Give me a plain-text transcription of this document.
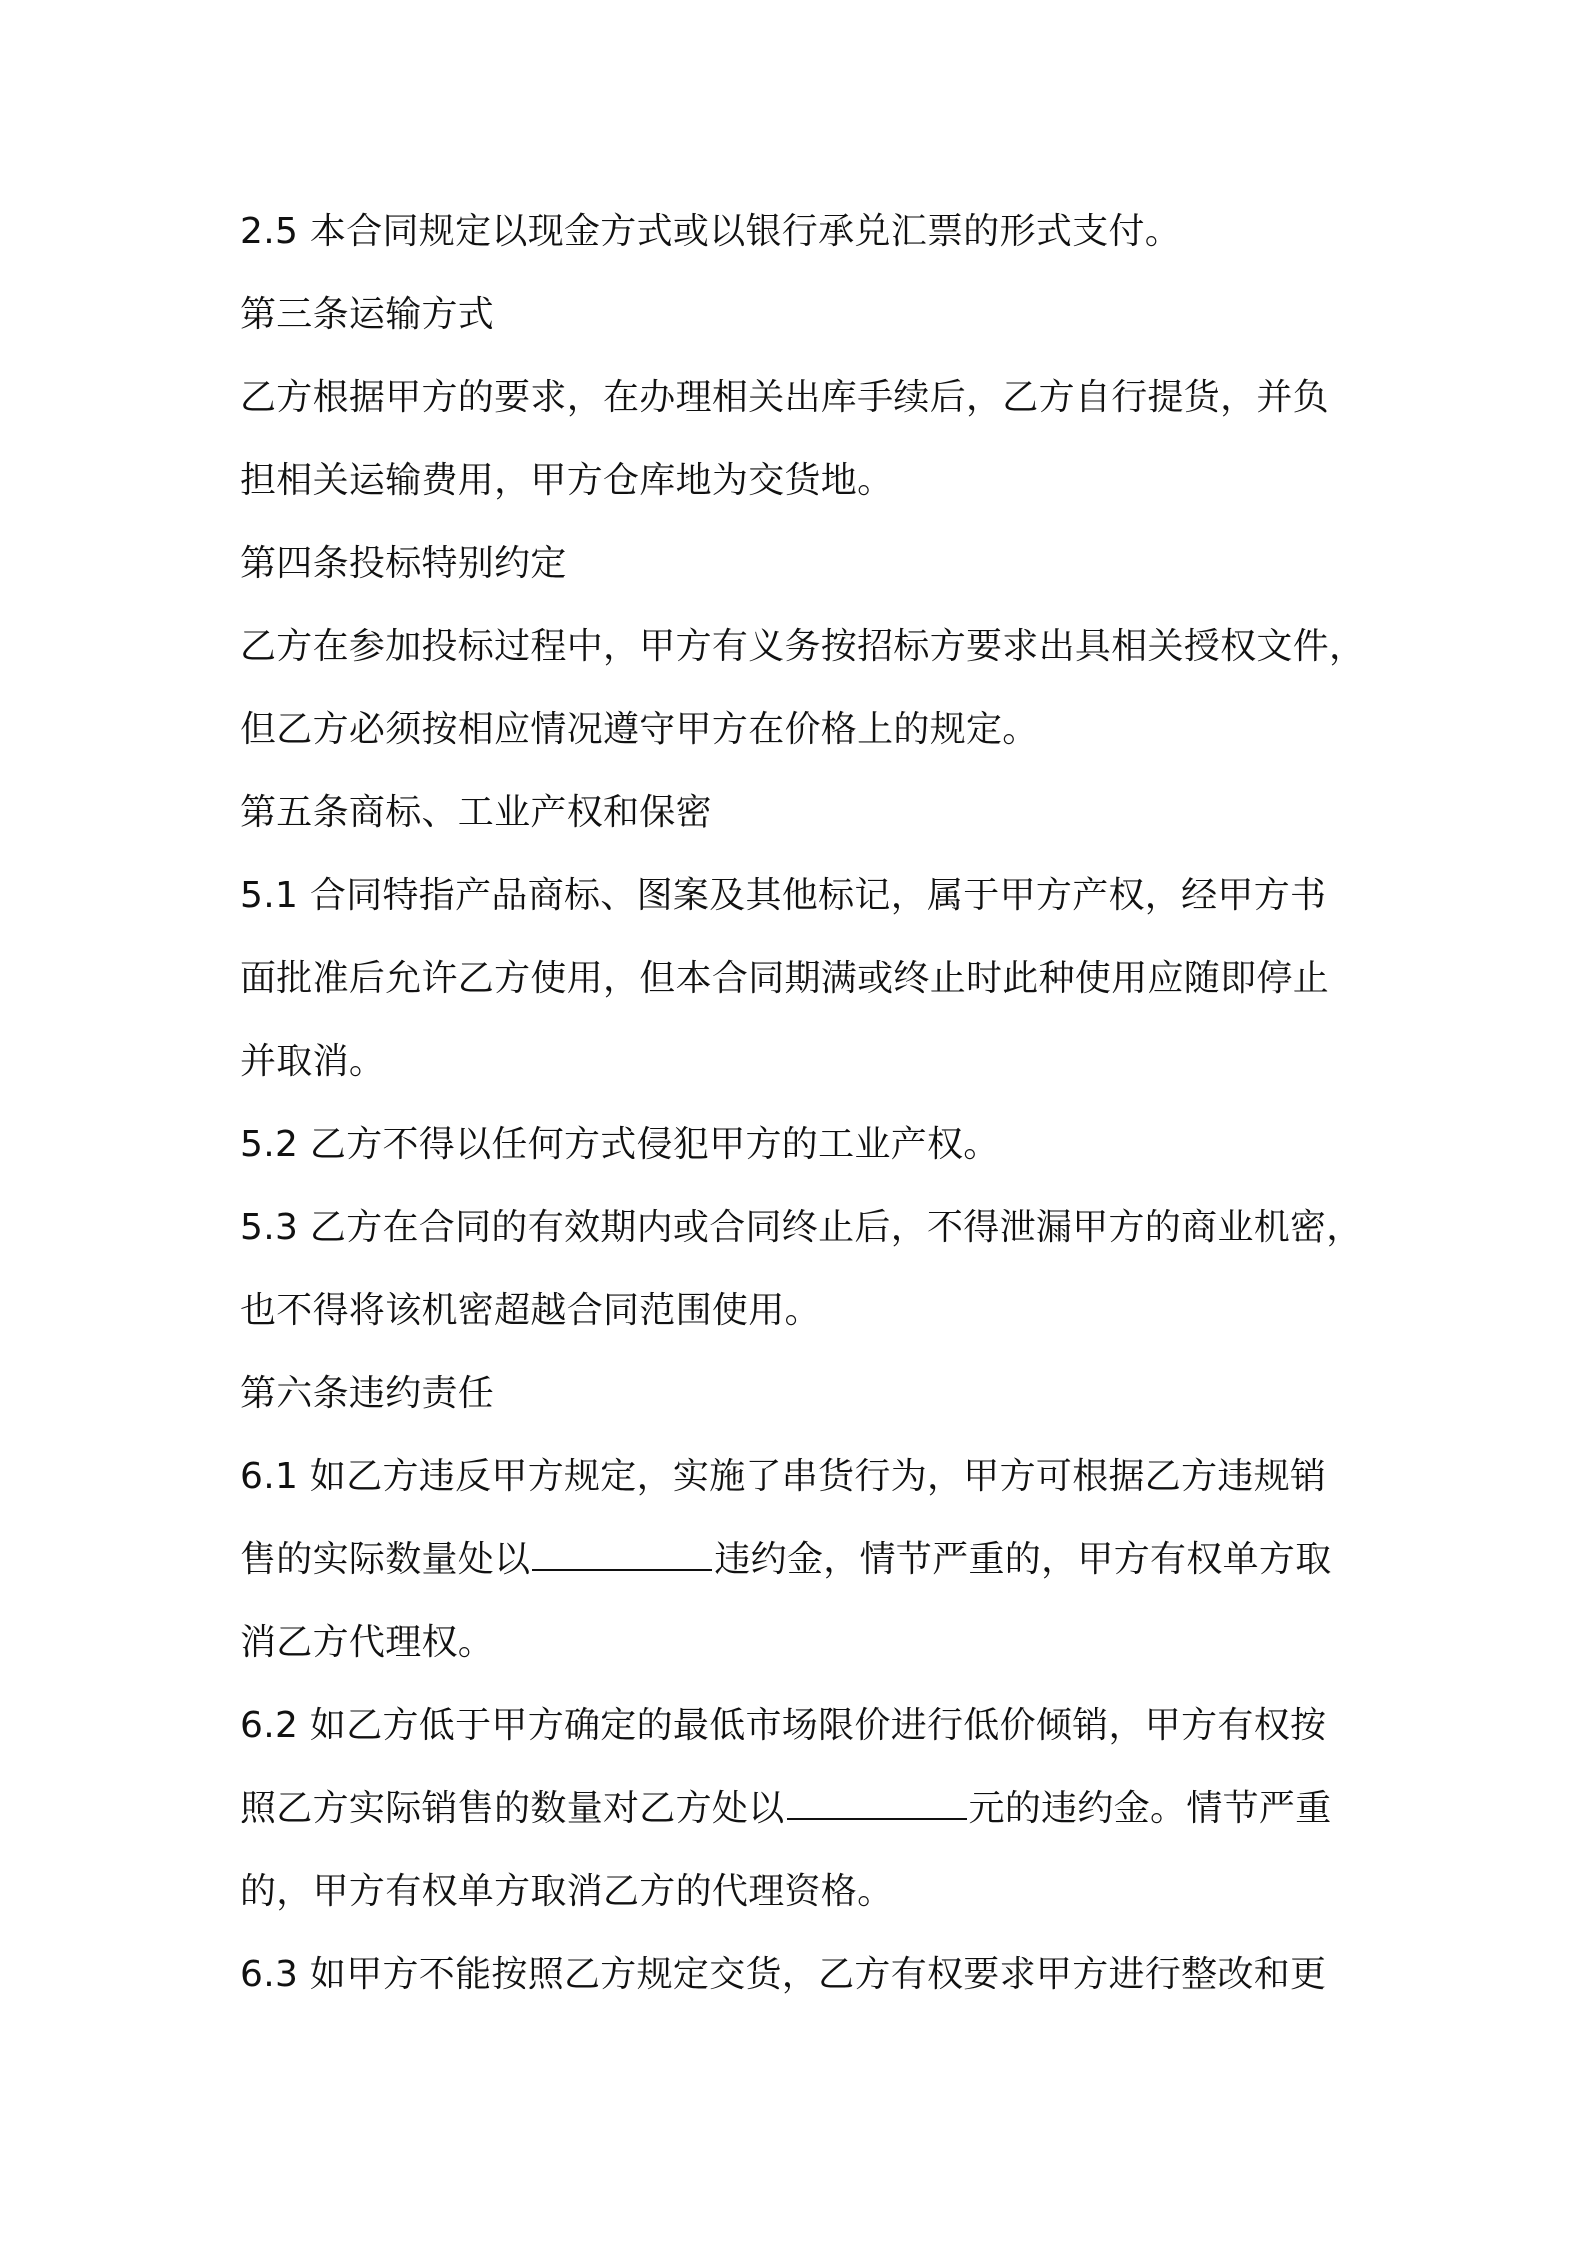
2.5 本合同规定以现金方式或以银行承兑汇票的形式支付。
第三条运输方式
乙方根据甲方的要求，在办理相关出库手续后，乙方自行提货，并负
担相关运输费用，甲方仓库地为交货地。
第四条投标特别约定
乙方在参加投标过程中，甲方有义务按招标方要求出具相关授权文件，
但乙方必须按相应情况遵守甲方在价格上的规定。
第五条商标、工业产权和保密
5.1 合同特指产品商标、图案及其他标记，属于甲方产权，经甲方书
面批准后允许乙方使用，但本合同期满或终止时此种使用应随即停止
并取消。
5.2 乙方不得以任何方式侵犯甲方的工业产权。
5.3 乙方在合同的有效期内或合同终止后，不得泄漏甲方的商业机密，
也不得将该机密超越合同范围使用。
第六条违约责任
6.1 如乙方违反甲方规定，实施了串货行为，甲方可根据乙方违规销
售的实际数量处以	违约金，情节严重的，甲方有权单方取
消乙方代理权。
6.2 如乙方低于甲方确定的最低市场限价进行低价倾销，甲方有权按
照乙方实际销售的数量对乙方处以	元的违约金。情节严重
的，甲方有权单方取消乙方的代理资格。
6.3 如甲方不能按照乙方规定交货，乙方有权要求甲方进行整改和更
